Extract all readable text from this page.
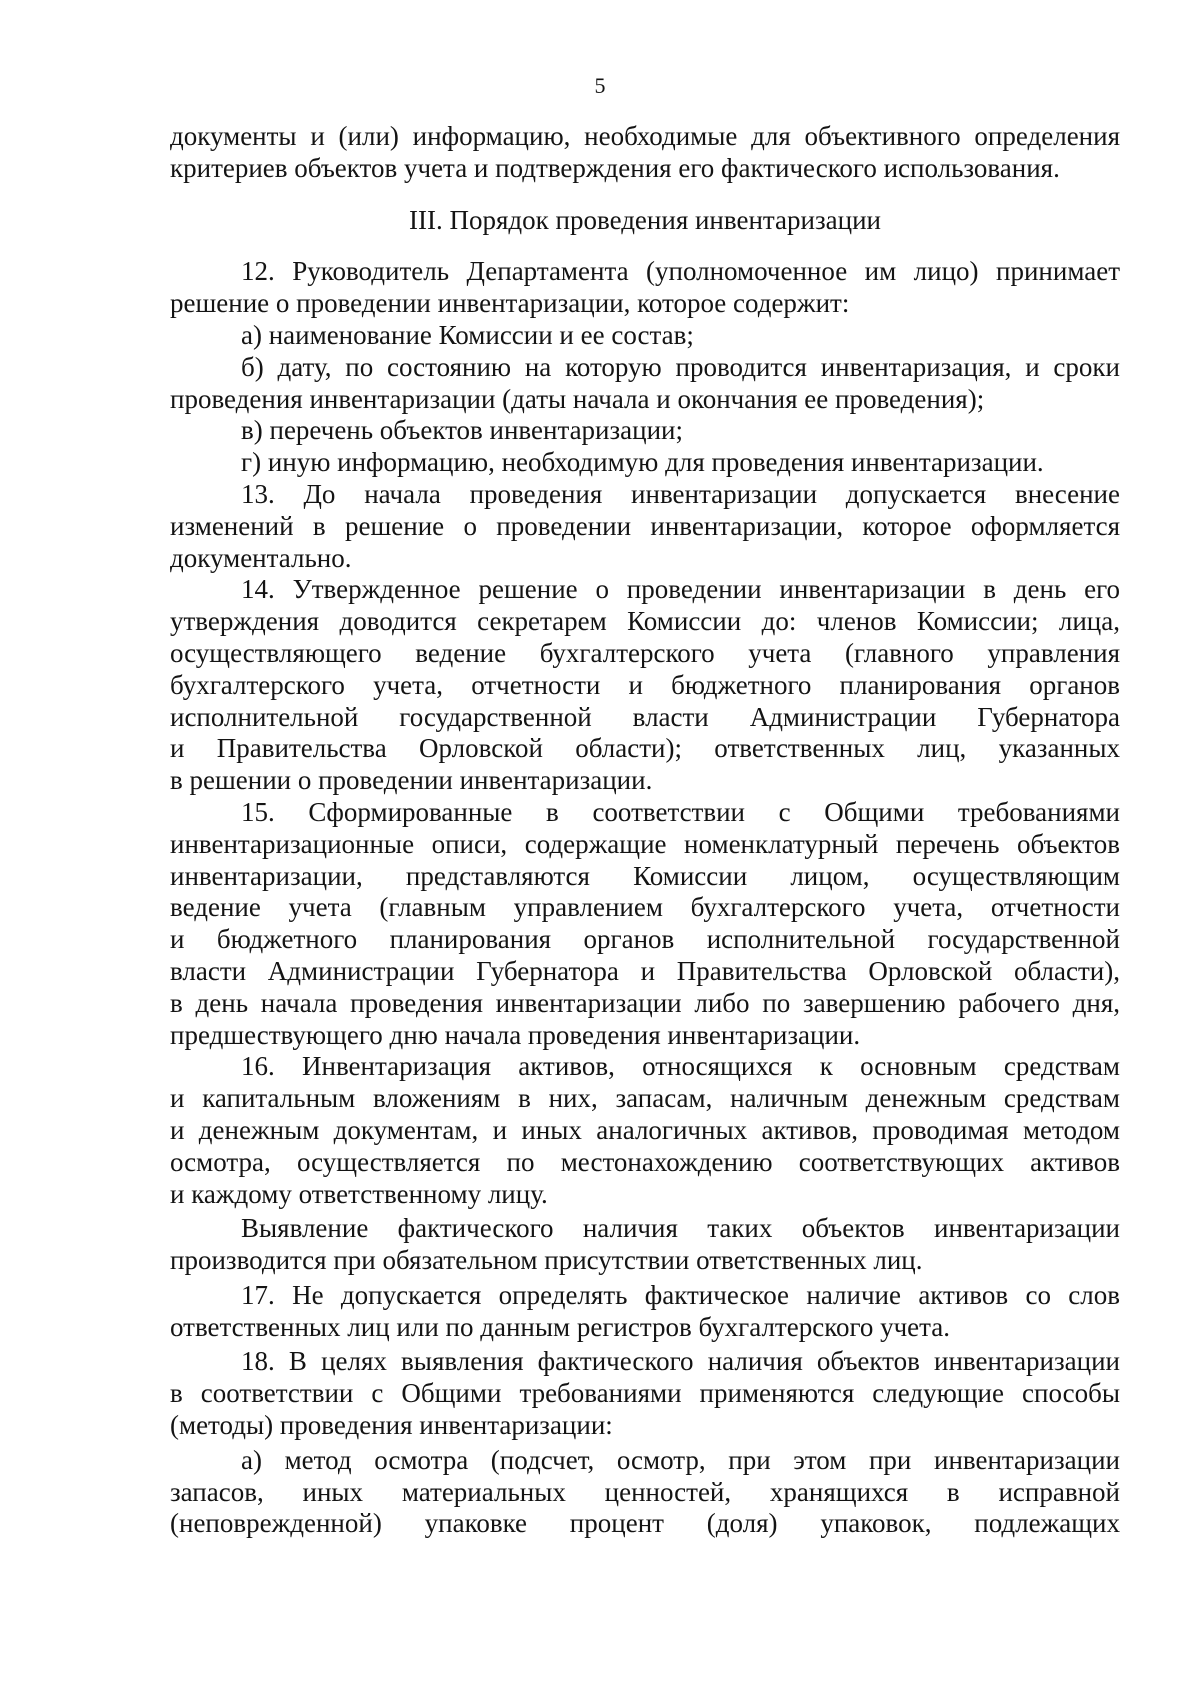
5
документы и (или) информацию, необходимые для объективного определения
критериев объектов учета и подтверждения его фактического использования.
III. Порядок проведения инвентаризации
12. Руководитель Департамента (уполномоченное им лицо) принимает
решение о проведении инвентаризации, которое содержит:
а) наименование Комиссии и ее состав;
б) дату, по состоянию на которую проводится инвентаризация, и сроки
проведения инвентаризации (даты начала и окончания ее проведения);
в) перечень объектов инвентаризации;
г) иную информацию, необходимую для проведения инвентаризации.
13. До начала проведения инвентаризации допускается внесение
изменений в решение о проведении инвентаризации, которое оформляется
документально.
14. Утвержденное решение о проведении инвентаризации в день его
утверждения доводится секретарем Комиссии до: членов Комиссии; лица,
осуществляющего ведение бухгалтерского учета (главного управления
бухгалтерского учета, отчетности и бюджетного планирования органов
исполнительной государственной власти Администрации Губернатора
и Правительства Орловской области); ответственных лиц, указанных
в решении о проведении инвентаризации.
15. Сформированные в соответствии с Общими требованиями
инвентаризационные описи, содержащие номенклатурный перечень объектов
инвентаризации, представляются Комиссии лицом, осуществляющим
ведение учета (главным управлением бухгалтерского учета, отчетности
и бюджетного планирования органов исполнительной государственной
власти Администрации Губернатора и Правительства Орловской области),
в день начала проведения инвентаризации либо по завершению рабочего дня,
предшествующего дню начала проведения инвентаризации.
16. Инвентаризация активов, относящихся к основным средствам
и капитальным вложениям в них, запасам, наличным денежным средствам
и денежным документам, и иных аналогичных активов, проводимая методом
осмотра, осуществляется по местонахождению соответствующих активов
и каждому ответственному лицу.
Выявление фактического наличия таких объектов инвентаризации
производится при обязательном присутствии ответственных лиц.
17. Не допускается определять фактическое наличие активов со слов
ответственных лиц или по данным регистров бухгалтерского учета.
18. В целях выявления фактического наличия объектов инвентаризации
в соответствии с Общими требованиями применяются следующие способы
(методы) проведения инвентаризации:
а) метод осмотра (подсчет, осмотр, при этом при инвентаризации
запасов, иных материальных ценностей, хранящихся в исправной
(неповрежденной) упаковке процент (доля) упаковок, подлежащих
